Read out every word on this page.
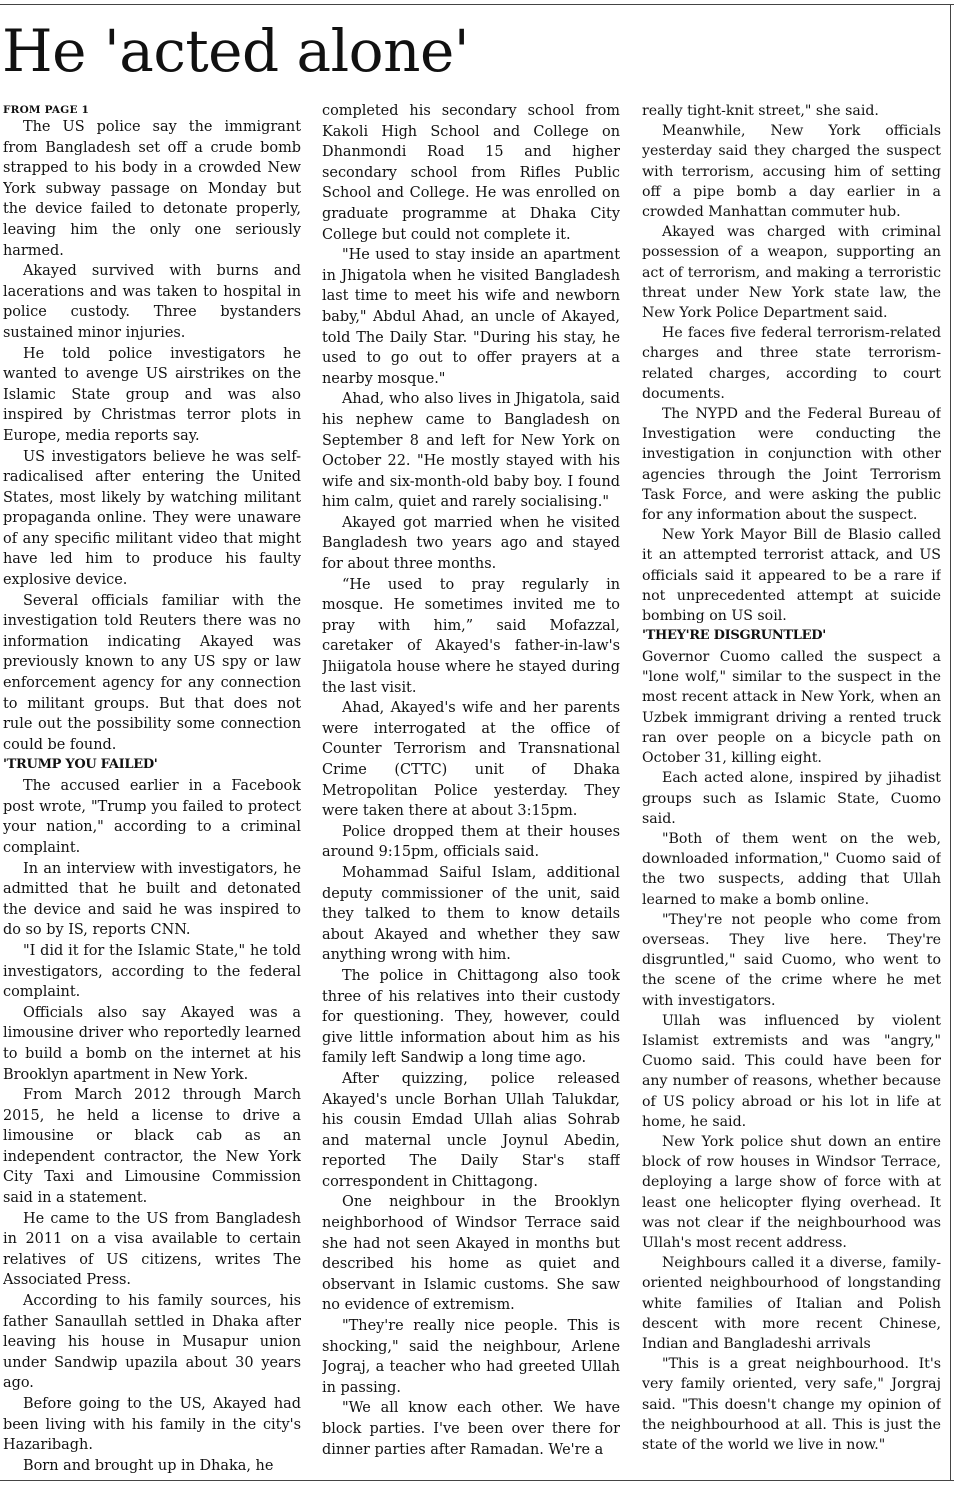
He 'acted alone'
FROM PAGE 1

The US police say the immigrant from Bangladesh set off a crude bomb strapped to his body in a crowded New York subway passage on Monday but the device failed to detonate properly, leaving him the only one seriously harmed.

Akayed survived with burns and lacerations and was taken to hospital in police custody. Three bystanders sustained minor injuries.

He told police investigators he wanted to avenge US airstrikes on the Islamic State group and was also inspired by Christmas terror plots in Europe, media reports say.

US investigators believe he was self-radicalised after entering the United States, most likely by watching militant propaganda online. They were unaware of any specific militant video that might have led him to produce his faulty explosive device.

Several officials familiar with the investigation told Reuters there was no information indicating Akayed was previously known to any US spy or law enforcement agency for any connection to militant groups. But that does not rule out the possibility some connection could be found.

'TRUMP YOU FAILED'

The accused earlier in a Facebook post wrote, "Trump you failed to protect your nation," according to a criminal complaint.

In an interview with investigators, he admitted that he built and detonated the device and said he was inspired to do so by IS, reports CNN.

"I did it for the Islamic State," he told investigators, according to the federal complaint.

Officials also say Akayed was a limousine driver who reportedly learned to build a bomb on the internet at his Brooklyn apartment in New York.

From March 2012 through March 2015, he held a license to drive a limousine or black cab as an independent contractor, the New York City Taxi and Limousine Commission said in a statement.

He came to the US from Bangladesh in 2011 on a visa available to certain relatives of US citizens, writes The Associated Press.

According to his family sources, his father Sanaullah settled in Dhaka after leaving his house in Musapur union under Sandwip upazila about 30 years ago.

Before going to the US, Akayed had been living with his family in the city's Hazaribagh.

Born and brought up in Dhaka, he

completed his secondary school from Kakoli High School and College on Dhanmondi Road 15 and higher secondary school from Rifles Public School and College. He was enrolled on graduate programme at Dhaka City College but could not complete it.

"He used to stay inside an apartment in Jhigatola when he visited Bangladesh last time to meet his wife and newborn baby," Abdul Ahad, an uncle of Akayed, told The Daily Star. "During his stay, he used to go out to offer prayers at a nearby mosque."

Ahad, who also lives in Jhigatola, said his nephew came to Bangladesh on September 8 and left for New York on October 22. "He mostly stayed with his wife and six-month-old baby boy. I found him calm, quiet and rarely socialising."

Akayed got married when he visited Bangladesh two years ago and stayed for about three months.

“He used to pray regularly in mosque. He sometimes invited me to pray with him,” said Mofazzal, caretaker of Akayed's father-in-law's Jhiigatola house where he stayed during the last visit.

Ahad, Akayed's wife and her parents were interrogated at the office of Counter Terrorism and Transnational Crime (CTTC) unit of Dhaka Metropolitan Police yesterday. They were taken there at about 3:15pm.

Police dropped them at their houses around 9:15pm, officials said.

Mohammad Saiful Islam, additional deputy commissioner of the unit, said they talked to them to know details about Akayed and whether they saw anything wrong with him.

The police in Chittagong also took three of his relatives into their custody for questioning. They, however, could give little information about him as his family left Sandwip a long time ago.

After quizzing, police released Akayed's uncle Borhan Ullah Talukdar, his cousin Emdad Ullah alias Sohrab and maternal uncle Joynul Abedin, reported The Daily Star's staff correspondent in Chittagong.

One neighbour in the Brooklyn neighborhood of Windsor Terrace said she had not seen Akayed in months but described his home as quiet and observant in Islamic customs. She saw no evidence of extremism.

"They're really nice people. This is shocking," said the neighbour, Arlene Jograj, a teacher who had greeted Ullah in passing.

"We all know each other. We have block parties. I've been over there for dinner parties after Ramadan. We're a

really tight-knit street," she said.

Meanwhile, New York officials yesterday said they charged the suspect with terrorism, accusing him of setting off a pipe bomb a day earlier in a crowded Manhattan commuter hub.

Akayed was charged with criminal possession of a weapon, supporting an act of terrorism, and making a terroristic threat under New York state law, the New York Police Department said.

He faces five federal terrorism-related charges and three state terrorism-related charges, according to court documents.

The NYPD and the Federal Bureau of Investigation were conducting the investigation in conjunction with other agencies through the Joint Terrorism Task Force, and were asking the public for any information about the suspect.

New York Mayor Bill de Blasio called it an attempted terrorist attack, and US officials said it appeared to be a rare if not unprecedented attempt at suicide bombing on US soil.

'THEY'RE DISGRUNTLED'

Governor Cuomo called the suspect a "lone wolf," similar to the suspect in the most recent attack in New York, when an Uzbek immigrant driving a rented truck ran over people on a bicycle path on October 31, killing eight.

Each acted alone, inspired by jihadist groups such as Islamic State, Cuomo said.

"Both of them went on the web, downloaded information," Cuomo said of the two suspects, adding that Ullah learned to make a bomb online.

"They're not people who come from overseas. They live here. They're disgruntled," said Cuomo, who went to the scene of the crime where he met with investigators.

Ullah was influenced by violent Islamist extremists and was "angry," Cuomo said. This could have been for any number of reasons, whether because of US policy abroad or his lot in life at home, he said.

New York police shut down an entire block of row houses in Windsor Terrace, deploying a large show of force with at least one helicopter flying overhead. It was not clear if the neighbourhood was Ullah's most recent address.

Neighbours called it a diverse, family-oriented neighbourhood of longstanding white families of Italian and Polish descent with more recent Chinese, Indian and Bangladeshi arrivals

"This is a great neighbourhood. It's very family oriented, very safe," Jorgraj said. "This doesn't change my opinion of the neighbourhood at all. This is just the state of the world we live in now."
